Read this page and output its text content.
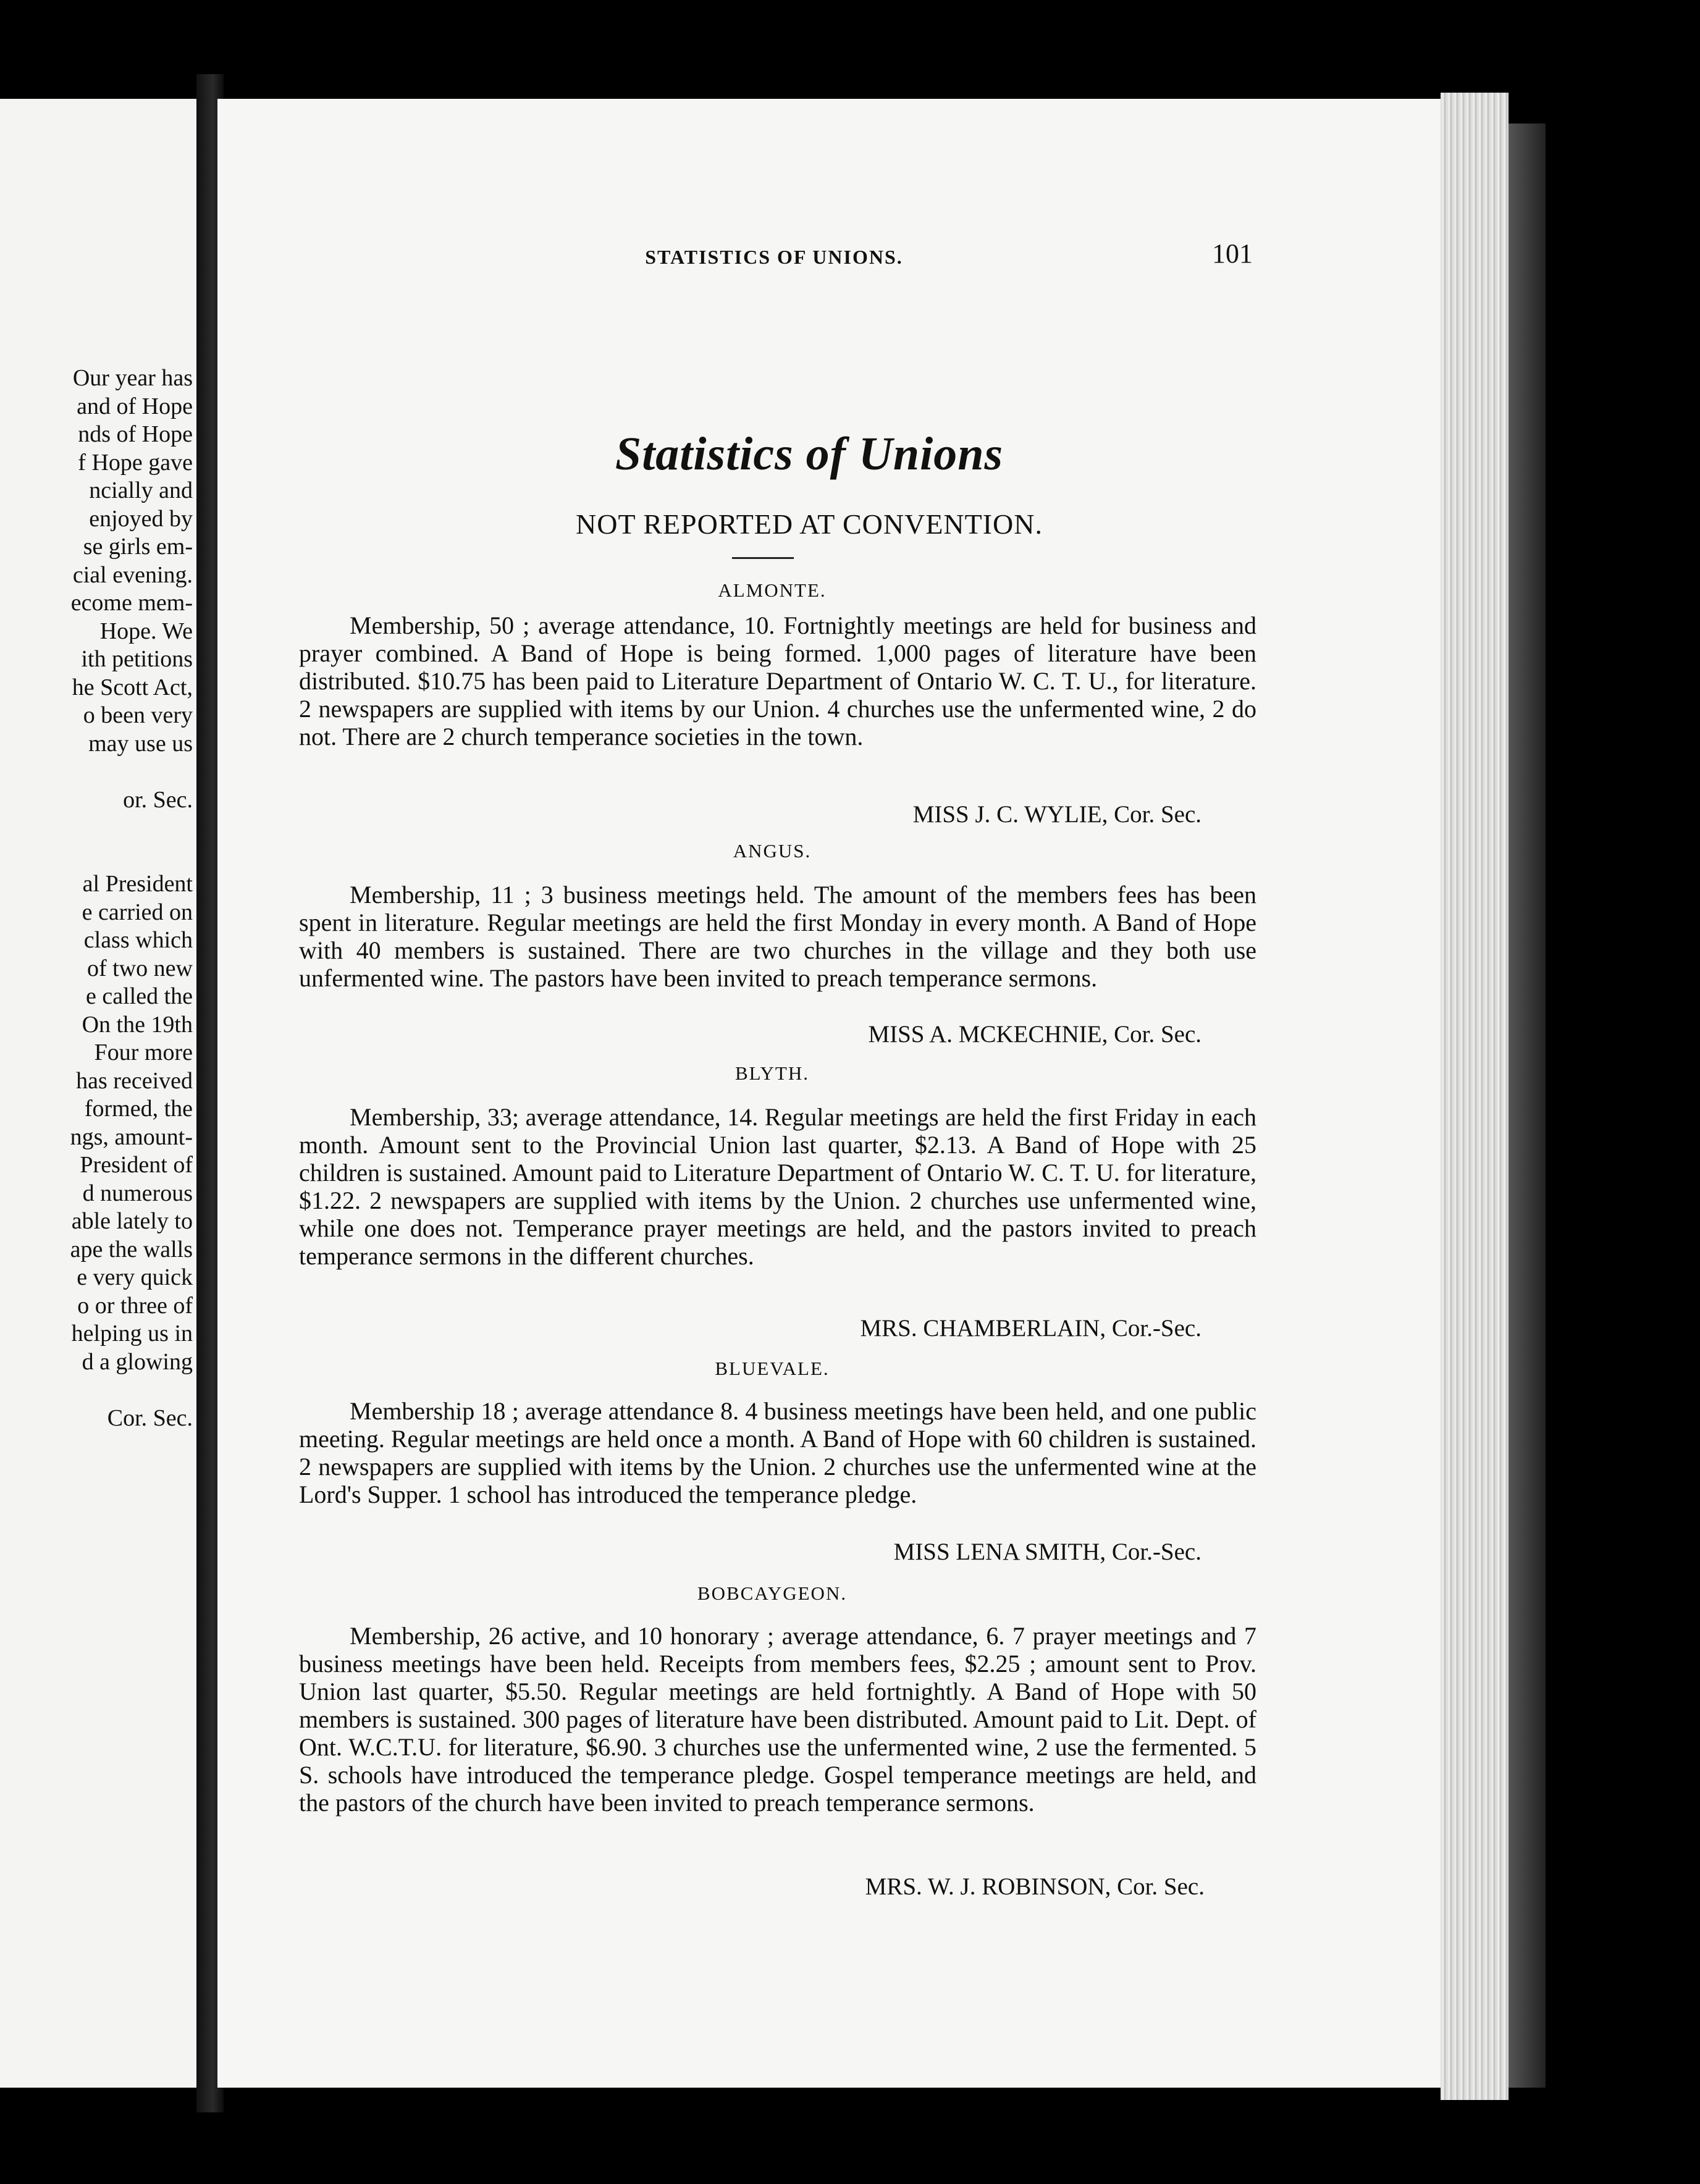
Our year has
and of Hope
nds of Hope
f Hope gave
ncially and
enjoyed by
se girls em-
cial evening.
ecome mem-
Hope. We
ith petitions
he Scott Act,
o been very
may use us
or. Sec.
al President
e carried on
class which
of two new
e called the
On the 19th
Four more
has received
formed, the
ngs, amount-
President of
d numerous
able lately to
ape the walls
e very quick
o or three of
helping us in
d a glowing
Cor. Sec.
STATISTICS OF UNIONS.	101
Statistics of Unions
NOT REPORTED AT CONVENTION.
ALMONTE.

Membership, 50 ; average attendance, 10. Fortnightly meetings are held for business and prayer combined. A Band of Hope is being formed. 1,000 pages of literature have been distributed. $10.75 has been paid to Literature Department of Ontario W. C. T. U., for literature. 2 newspapers are supplied with items by our Union. 4 churches use the unfermented wine, 2 do not. There are 2 church temperance societies in the town.

MISS J. C. WYLIE, Cor. Sec.
ANGUS.

Membership, 11 ; 3 business meetings held. The amount of the members fees has been spent in literature. Regular meetings are held the first Monday in every month. A Band of Hope with 40 members is sustained. There are two churches in the village and they both use unfermented wine. The pastors have been invited to preach temperance sermons.

MISS A. MCKECHNIE, Cor. Sec.
BLYTH.

Membership, 33; average attendance, 14. Regular meetings are held the first Friday in each month. Amount sent to the Provincial Union last quarter, $2.13. A Band of Hope with 25 children is sustained. Amount paid to Literature Department of Ontario W. C. T. U. for literature, $1.22. 2 newspapers are supplied with items by the Union. 2 churches use unfermented wine, while one does not. Temperance prayer meetings are held, and the pastors invited to preach temperance sermons in the different churches.

MRS. CHAMBERLAIN, Cor.-Sec.
BLUEVALE.

Membership 18 ; average attendance 8. 4 business meetings have been held, and one public meeting. Regular meetings are held once a month. A Band of Hope with 60 children is sustained. 2 newspapers are supplied with items by the Union. 2 churches use the unfermented wine at the Lord's Supper. 1 school has introduced the temperance pledge.

MISS LENA SMITH, Cor.-Sec.
BOBCAYGEON.

Membership, 26 active, and 10 honorary ; average attendance, 6. 7 prayer meetings and 7 business meetings have been held. Receipts from members fees, $2.25 ; amount sent to Prov. Union last quarter, $5.50. Regular meetings are held fortnightly. A Band of Hope with 50 members is sustained. 300 pages of literature have been distributed. Amount paid to Lit. Dept. of Ont. W.C.T.U. for literature, $6.90. 3 churches use the unfermented wine, 2 use the fermented. 5 S. schools have introduced the temperance pledge. Gospel temperance meetings are held, and the pastors of the church have been invited to preach temperance sermons.

MRS. W. J. ROBINSON, Cor. Sec.
